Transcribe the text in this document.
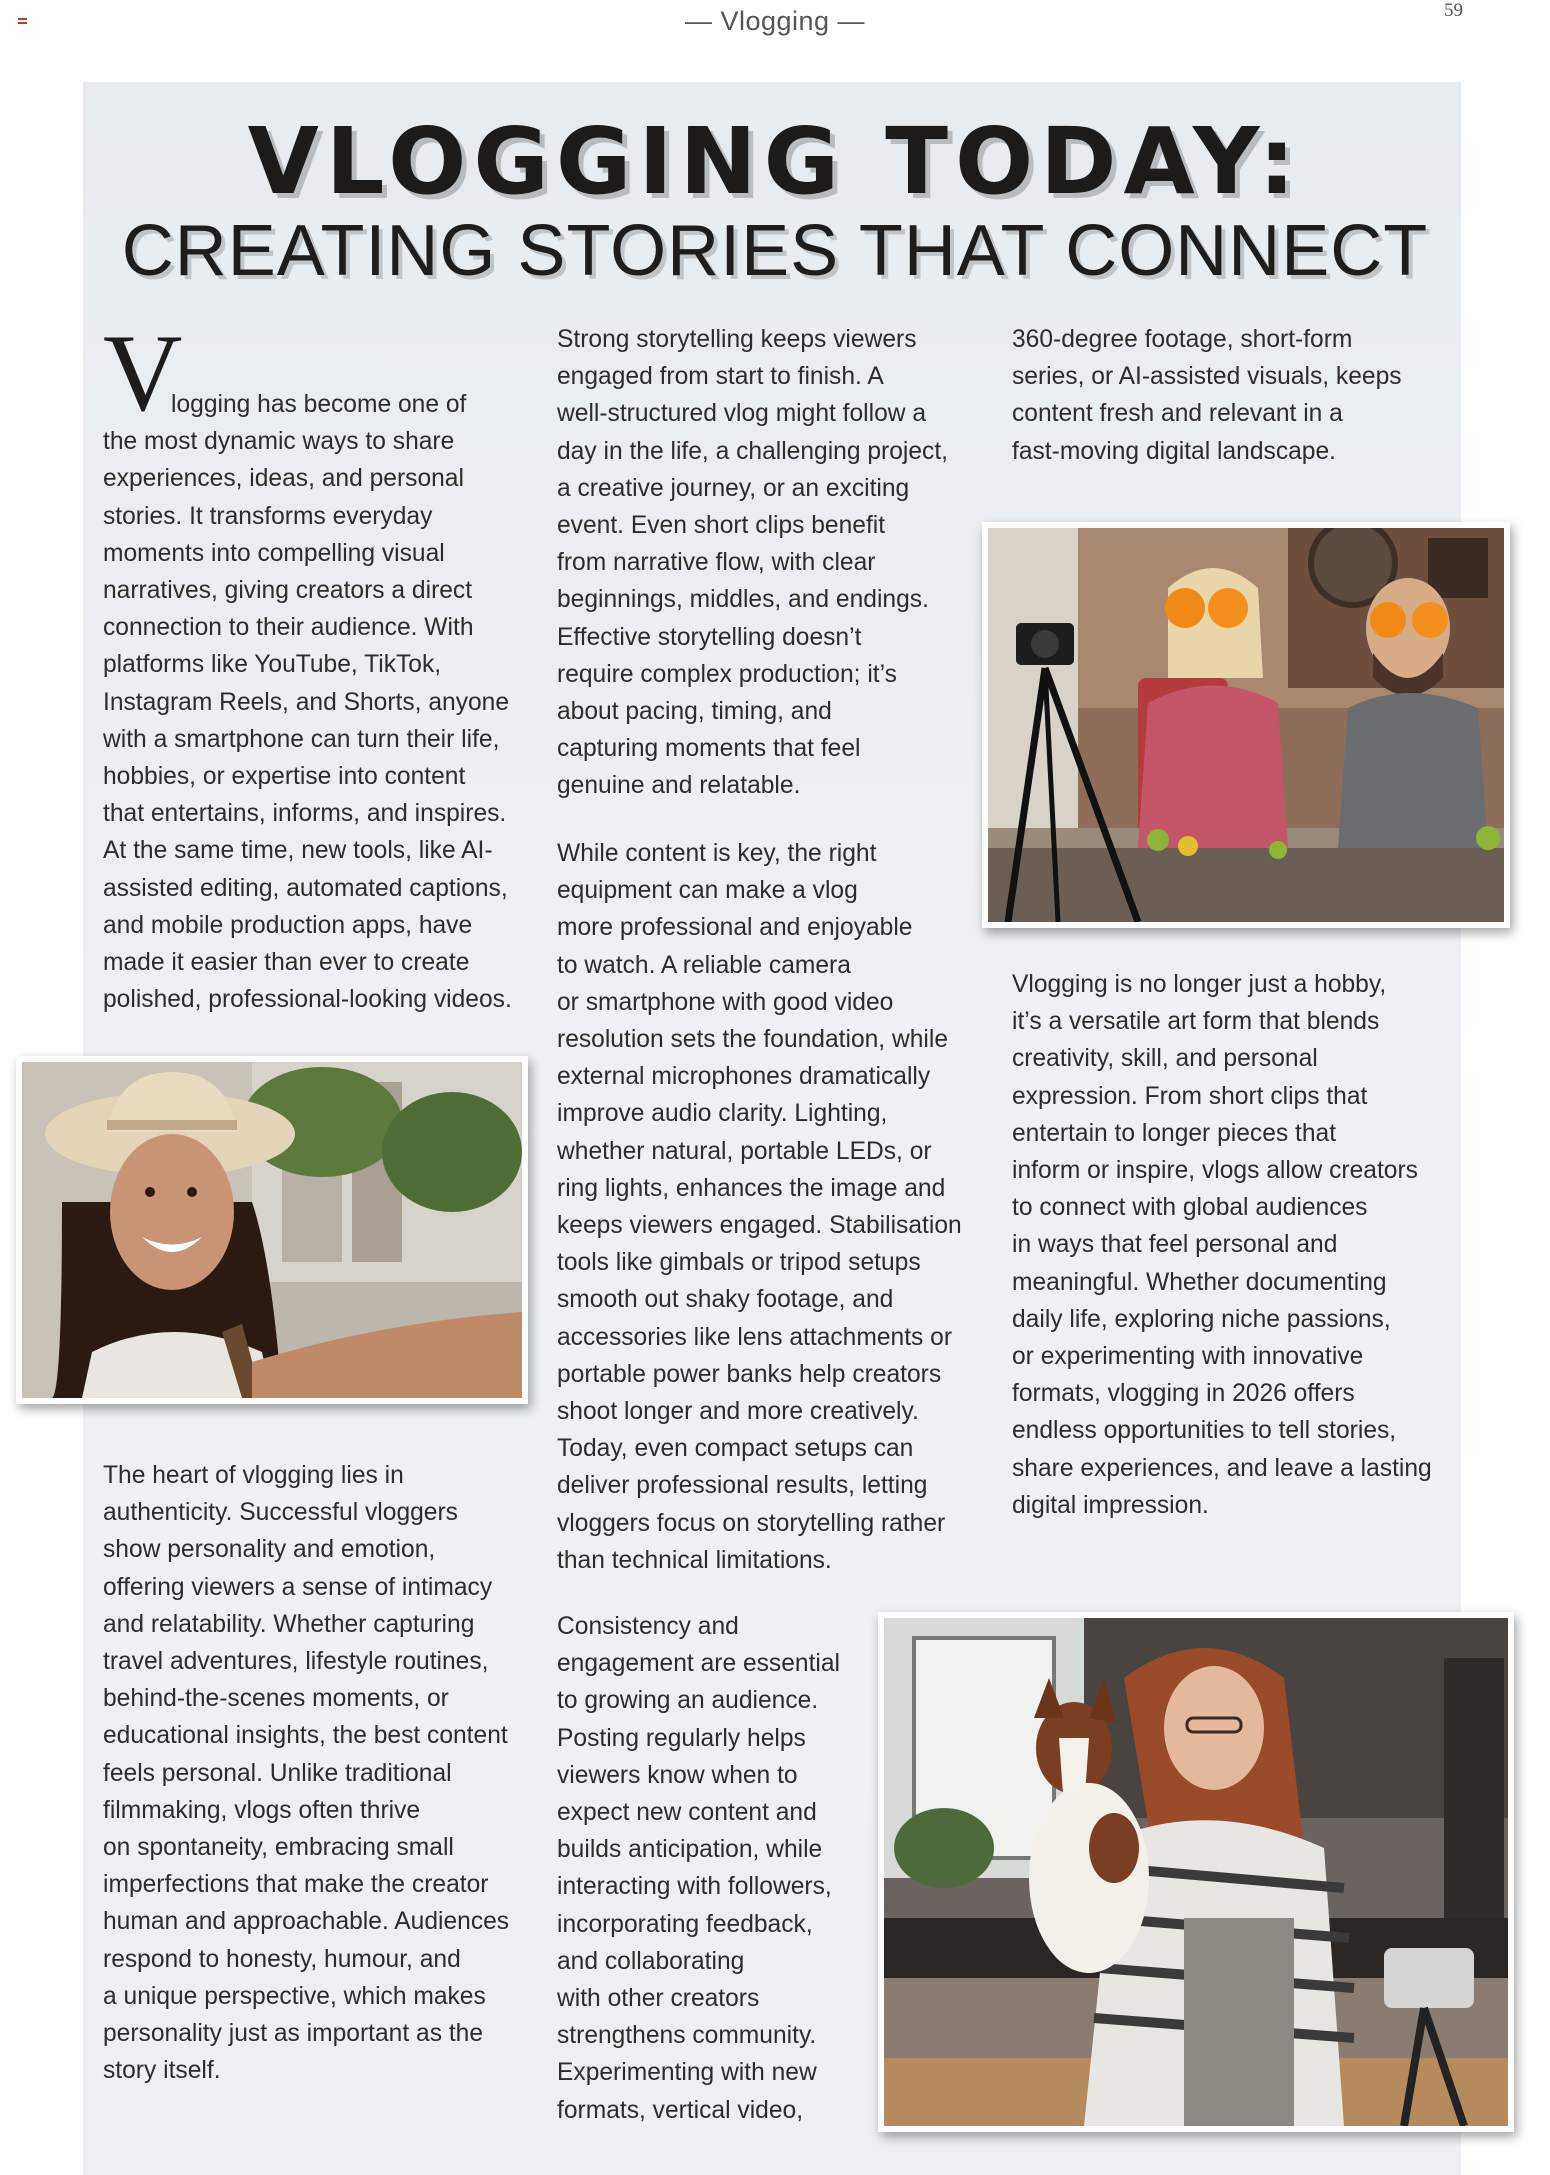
— Vlogging —	59
VLOGGING TODAY:
CREATING STORIES THAT CONNECT
V
logging has become one of
the most dynamic ways to share
experiences, ideas, and personal
stories. It transforms everyday
moments into compelling visual
narratives, giving creators a direct
connection to their audience. With
platforms like YouTube, TikTok,
Instagram Reels, and Shorts, anyone
with a smartphone can turn their life,
hobbies, or expertise into content
that entertains, informs, and inspires.
At the same time, new tools, like AI-
assisted editing, automated captions,
and mobile production apps, have
made it easier than ever to create
polished, professional-looking videos.
The heart of vlogging lies in
authenticity. Successful vloggers
show personality and emotion,
offering viewers a sense of intimacy
and relatability. Whether capturing
travel adventures, lifestyle routines,
behind-the-scenes moments, or
educational insights, the best content
feels personal. Unlike traditional
filmmaking, vlogs often thrive
on spontaneity, embracing small
imperfections that make the creator
human and approachable. Audiences
respond to honesty, humour, and
a unique perspective, which makes
personality just as important as the
story itself.
Strong storytelling keeps viewers
engaged from start to finish. A
well-structured vlog might follow a
day in the life, a challenging project,
a creative journey, or an exciting
event. Even short clips benefit
from narrative flow, with clear
beginnings, middles, and endings.
Effective storytelling doesn’t
require complex production; it’s
about pacing, timing, and
capturing moments that feel
genuine and relatable.
While content is key, the right
equipment can make a vlog
more professional and enjoyable
to watch. A reliable camera
or smartphone with good video
resolution sets the foundation, while
external microphones dramatically
improve audio clarity. Lighting,
whether natural, portable LEDs, or
ring lights, enhances the image and
keeps viewers engaged. Stabilisation
tools like gimbals or tripod setups
smooth out shaky footage, and
accessories like lens attachments or
portable power banks help creators
shoot longer and more creatively.
Today, even compact setups can
deliver professional results, letting
vloggers focus on storytelling rather
than technical limitations.
Consistency and
engagement are essential
to growing an audience.
Posting regularly helps
viewers know when to
expect new content and
builds anticipation, while
interacting with followers,
incorporating feedback,
and collaborating
with other creators
strengthens community.
Experimenting with new
formats, vertical video,
360-degree footage, short-form
series, or AI-assisted visuals, keeps
content fresh and relevant in a
fast-moving digital landscape.
Vlogging is no longer just a hobby,
it’s a versatile art form that blends
creativity, skill, and personal
expression. From short clips that
entertain to longer pieces that
inform or inspire, vlogs allow creators
to connect with global audiences
in ways that feel personal and
meaningful. Whether documenting
daily life, exploring niche passions,
or experimenting with innovative
formats, vlogging in 2026 offers
endless opportunities to tell stories,
share experiences, and leave a lasting
digital impression.
